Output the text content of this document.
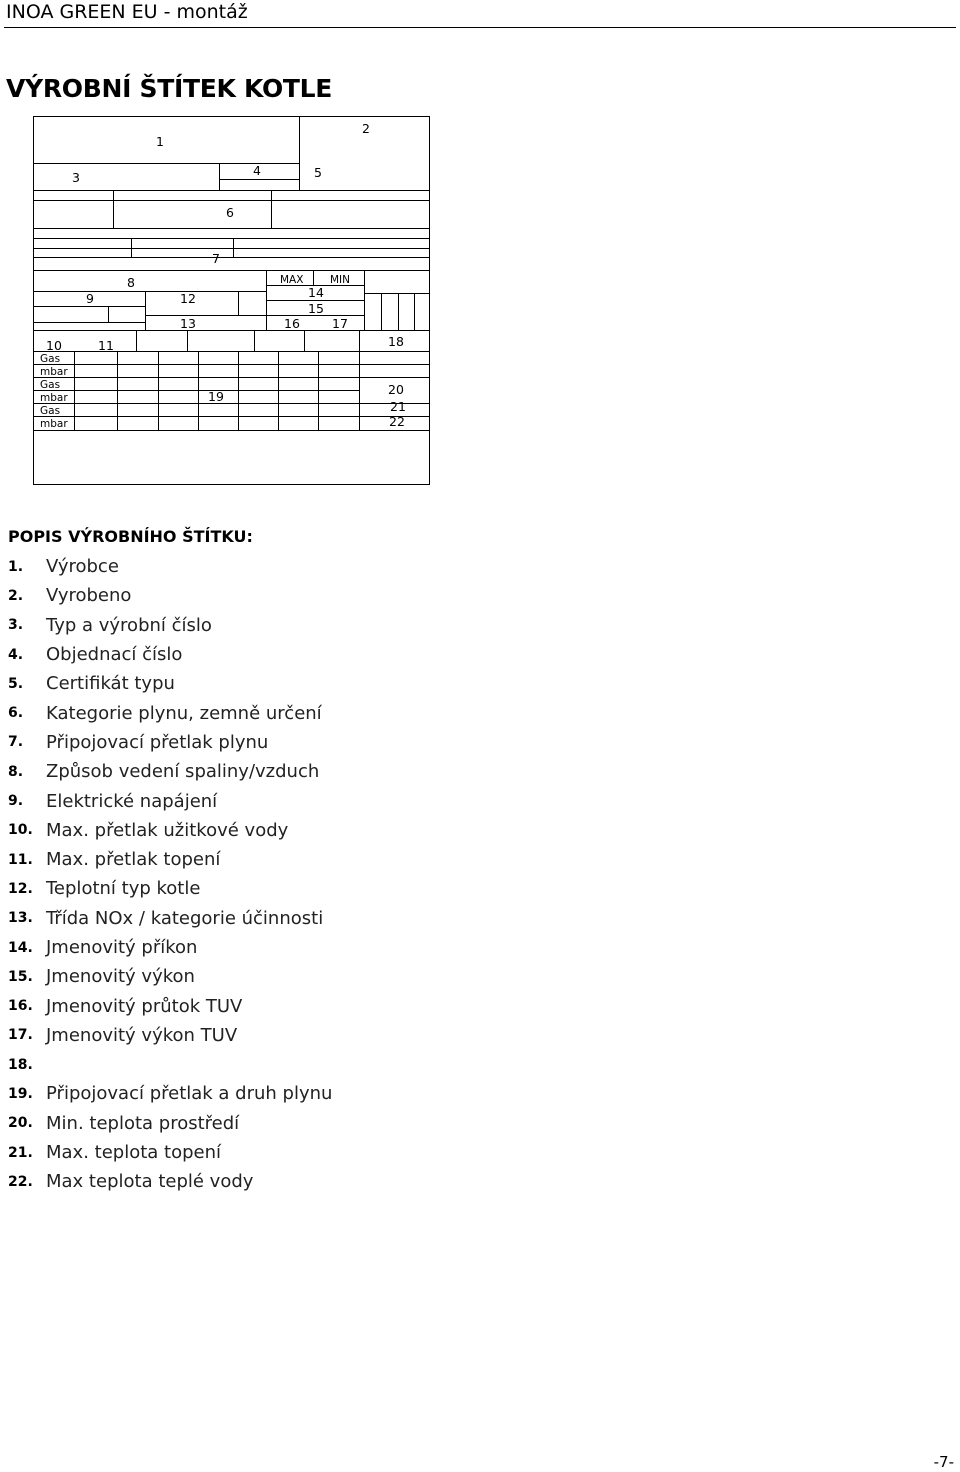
INOA GREEN EU - montáž
VÝROBNÍ ŠTÍTEK KOTLE
1
2
3	4	5
6
7
8
9	12
13
MAX	MIN
14
15
16	17
10	11	18
Gas
mbar
Gas
mbar
Gas
mbar
19	20
21
22
POPIS VÝROBNÍHO ŠTÍTKU:
1.	Výrobce
2.	Vyrobeno
3.	Typ a výrobní číslo
4.	Objednací číslo
5.	Certifikát typu
6.	Kategorie plynu, zemně určení
7.	Připojovací přetlak plynu
8.	Způsob vedení spaliny/vzduch
9.	Elektrické napájení
10. Max. přetlak užitkové vody
11. Max. přetlak topení
12. Teplotní typ kotle
13. Třída NOx / kategorie účinnosti
14. Jmenovitý příkon
15. Jmenovitý výkon
16. Jmenovitý průtok TUV
17. Jmenovitý výkon TUV
18.
19. Připojovací přetlak a druh plynu
20. Min. teplota prostředí
21. Max. teplota topení
22. Max teplota teplé vody
-7-
